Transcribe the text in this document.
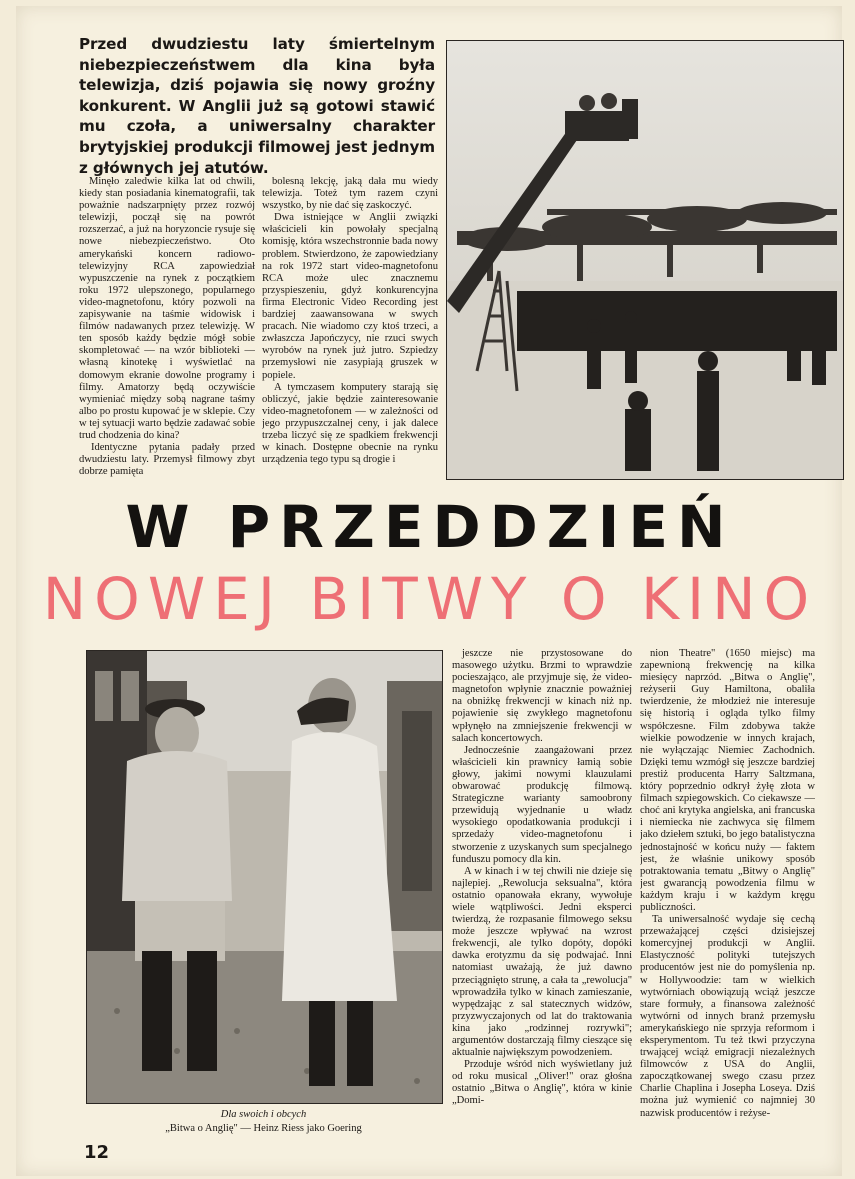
Przed dwudziestu laty śmiertelnym niebezpieczeństwem dla kina była telewizja, dziś pojawia się nowy groźny konkurent. W Anglii już są gotowi stawić mu czoła, a uniwersalny charakter brytyjskiej produkcji filmowej jest jednym z głównych jej atutów.

Minęło zaledwie kilka lat od chwili, kiedy stan posiadania kinematografii, tak poważnie nadszarpnięty przez rozwój telewizji, począł się na powrót rozszerzać, a już na horyzoncie rysuje się nowe niebezpieczeństwo. Oto amerykański koncern radiowo-telewizyjny RCA zapowiedział wypuszczenie na rynek z początkiem roku 1972 ulepszonego, popularnego video-magnetofonu, który pozwoli na zapisywanie na taśmie widowisk i filmów nadawanych przez telewizję. W ten sposób każdy będzie mógł sobie skompletować — na wzór biblioteki — własną kinotekę i wyświetlać na domowym ekranie dowolne programy i filmy. Amatorzy będą oczywiście wymieniać między sobą nagrane taśmy albo po prostu kupować je w sklepie. Czy w tej sytuacji warto będzie zadawać sobie trud chodzenia do kina?

Identyczne pytania padały przed dwudziestu laty. Przemysł filmowy zbyt dobrze pamięta

bolesną lekcję, jaką dała mu wiedy telewizja. Toteż tym razem czyni wszystko, by nie dać się zaskoczyć.

Dwa istniejące w Anglii związki właścicieli kin powołały specjalną komisję, która wszechstronnie bada nowy problem. Stwierdzono, że zapowiedziany na rok 1972 start video-magnetofonu RCA może ulec znacznemu przyspieszeniu, gdyż konkurencyjna firma Electronic Video Recording jest bardziej zaawansowana w swych pracach. Nie wiadomo czy ktoś trzeci, a zwłaszcza Japończycy, nie rzuci swych wyrobów na rynek już jutro. Szpiedzy przemysłowi nie zasypiają gruszek w popiele.

A tymczasem komputery starają się obliczyć, jakie będzie zainteresowanie video-magnetofonem — w zależności od jego przypuszczalnej ceny, i jak dalece trzeba liczyć się ze spadkiem frekwencji w kinach. Dostępne obecnie na rynku urządzenia tego typu są drogie i

W PRZEDDZIEŃ
NOWEJ BITWY O KINO

jeszcze nie przystosowane do masowego użytku. Brzmi to wprawdzie pocieszająco, ale przyjmuje się, że video-magnetofon wpłynie znacznie poważniej na obniżkę frekwencji w kinach niż np. pojawienie się zwykłego magnetofonu wpłynęło na zmniejszenie frekwencji w salach koncertowych.

Jednocześnie zaangażowani przez właścicieli kin prawnicy łamią sobie głowy, jakimi nowymi klauzulami obwarować produkcję filmową. Strategiczne warianty samoobrony przewidują wyjednanie u władz wysokiego opodatkowania produkcji i sprzedaży video-magnetofonu i stworzenie z uzyskanych sum specjalnego funduszu pomocy dla kin.

A w kinach i w tej chwili nie dzieje się najlepiej. „Rewolucja seksualna", która ostatnio opanowała ekrany, wywołuje wiele wątpliwości. Jedni eksperci twierdzą, że rozpasanie filmowego seksu może jeszcze wpływać na wzrost frekwencji, ale tylko dopóty, dopóki dawka erotyzmu da się podwajać. Inni natomiast uważają, że już dawno przeciągnięto strunę, a cała ta „rewolucja" wprowadziła tylko w kinach zamieszanie, wypędzając z sal statecznych widzów, przyzwyczajonych od lat do traktowania kina jako „rodzinnej rozrywki"; argumentów dostarczają filmy cieszące się aktualnie największym powodzeniem.

Przoduje wśród nich wyświetlany już od roku musical „Oliver!" oraz głośna ostatnio „Bitwa o Anglię", która w kinie „Domi-

nion Theatre" (1650 miejsc) ma zapewnioną frekwencję na kilka miesięcy naprzód. „Bitwa o Anglię", reżyserii Guy Hamiltona, obaliła twierdzenie, że młodzież nie interesuje się historią i ogląda tylko filmy współczesne. Film zdobywa także wielkie powodzenie w innych krajach, nie wyłączając Niemiec Zachodnich. Dzięki temu wzmógł się jeszcze bardziej prestiż producenta Harry Saltzmana, który poprzednio odkrył żyłę złota w filmach szpiegowskich. Co ciekawsze — choć ani krytyka angielska, ani francuska i niemiecka nie zachwyca się filmem jako dziełem sztuki, bo jego batalistyczna jednostajność w końcu nuży — faktem jest, że właśnie unikowy sposób potraktowania tematu „Bitwy o Anglię" jest gwarancją powodzenia filmu w każdym kraju i w każdym kręgu publiczności.

Ta uniwersalność wydaje się cechą przeważającej części dzisiejszej komercyjnej produkcji w Anglii. Elastyczność polityki tutejszych producentów jest nie do pomyślenia np. w Hollywoodzie: tam w wielkich wytwórniach obowiązują wciąż jeszcze stare formuły, a finansowa zależność wytwórni od innych branż przemysłu amerykańskiego nie sprzyja reformom i eksperymentom. Tu też tkwi przyczyna trwającej wciąż emigracji niezależnych filmowców z USA do Anglii, zapoczątkowanej swego czasu przez Charlie Chaplina i Josepha Loseya. Dziś można już wymienić co najmniej 30 nazwisk producentów i reżyse-

Dla swoich i obcych
„Bitwa o Anglię" — Heinz Riess jako Goering
12
